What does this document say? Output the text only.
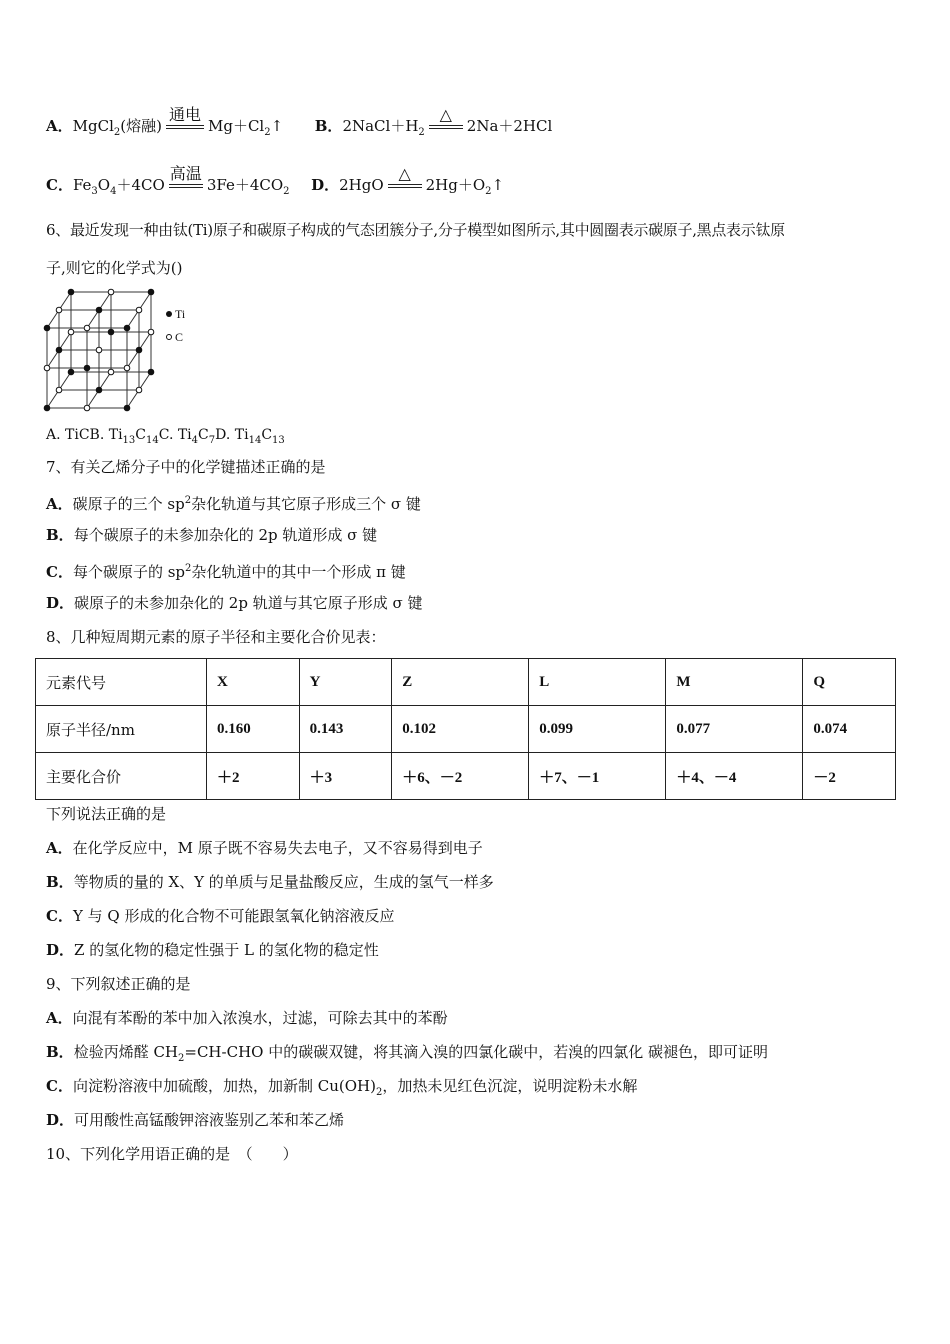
A．MgCl$_2$(熔融)
通电
$Mg+Cl_2↑$ B．$2NaCl+H_2$
△
2Na＋2HCl
C．$Fe_3O_4+4CO$
高温
$3Fe+4CO_2$ D．2HgO
△
$2Hg+O_2↑$
6、最近发现一种由钛(Ti)原子和碳原子构成的气态团簇分子,分子模型如图所示,其中圆圈表示碳原子,黑点表示钛原
子,则它的化学式为()
Ti
C
A. TiCB. $Ti_{13}C_{14}C$. $Ti_4C_7D$. $Ti_{14}C_{13}$
7、有关乙烯分子中的化学键描述正确的是
A．碳原子的三个 $sp^2$杂化轨道与其它原子形成三个 σ 键
B．每个碳原子的未参加杂化的 2p 轨道形成 σ 键
C．每个碳原子的 $sp^2$杂化轨道中的其中一个形成 π 键
D．碳原子的未参加杂化的 2p 轨道与其它原子形成 σ 键
8、几种短周期元素的原子半径和主要化合价见表：
元素代号	X	Y	Z	L	M	Q
原子半径/nm	0.160	0.143	0.102	0.099	0.077	0.074
主要化合价	＋2	＋3	＋6、－2	＋7、－1	＋4、－4	－2
下列说法正确的是
A．在化学反应中，M 原子既不容易失去电子，又不容易得到电子
B．等物质的量的 X、Y 的单质与足量盐酸反应，生成的氢气一样多
C．Y 与 Q 形成的化合物不可能跟氢氧化钠溶液反应
D．Z 的氢化物的稳定性强于 L 的氢化物的稳定性
9、下列叙述正确的是
A．向混有苯酚的苯中加入浓溴水，过滤，可除去其中的苯酚
B．检验丙烯醛 $CH_2=CH$-CHO 中的碳碳双键，将其滴入溴的四氯化碳中，若溴的四氯化 碳褪色，即可证明
C．向淀粉溶液中加硫酸，加热，加新制 $Cu(OH)_2$，加热未见红色沉淀，说明淀粉未水解
D．可用酸性高锰酸钾溶液鉴别乙苯和苯乙烯
10、下列化学用语正确的是　（　　）
